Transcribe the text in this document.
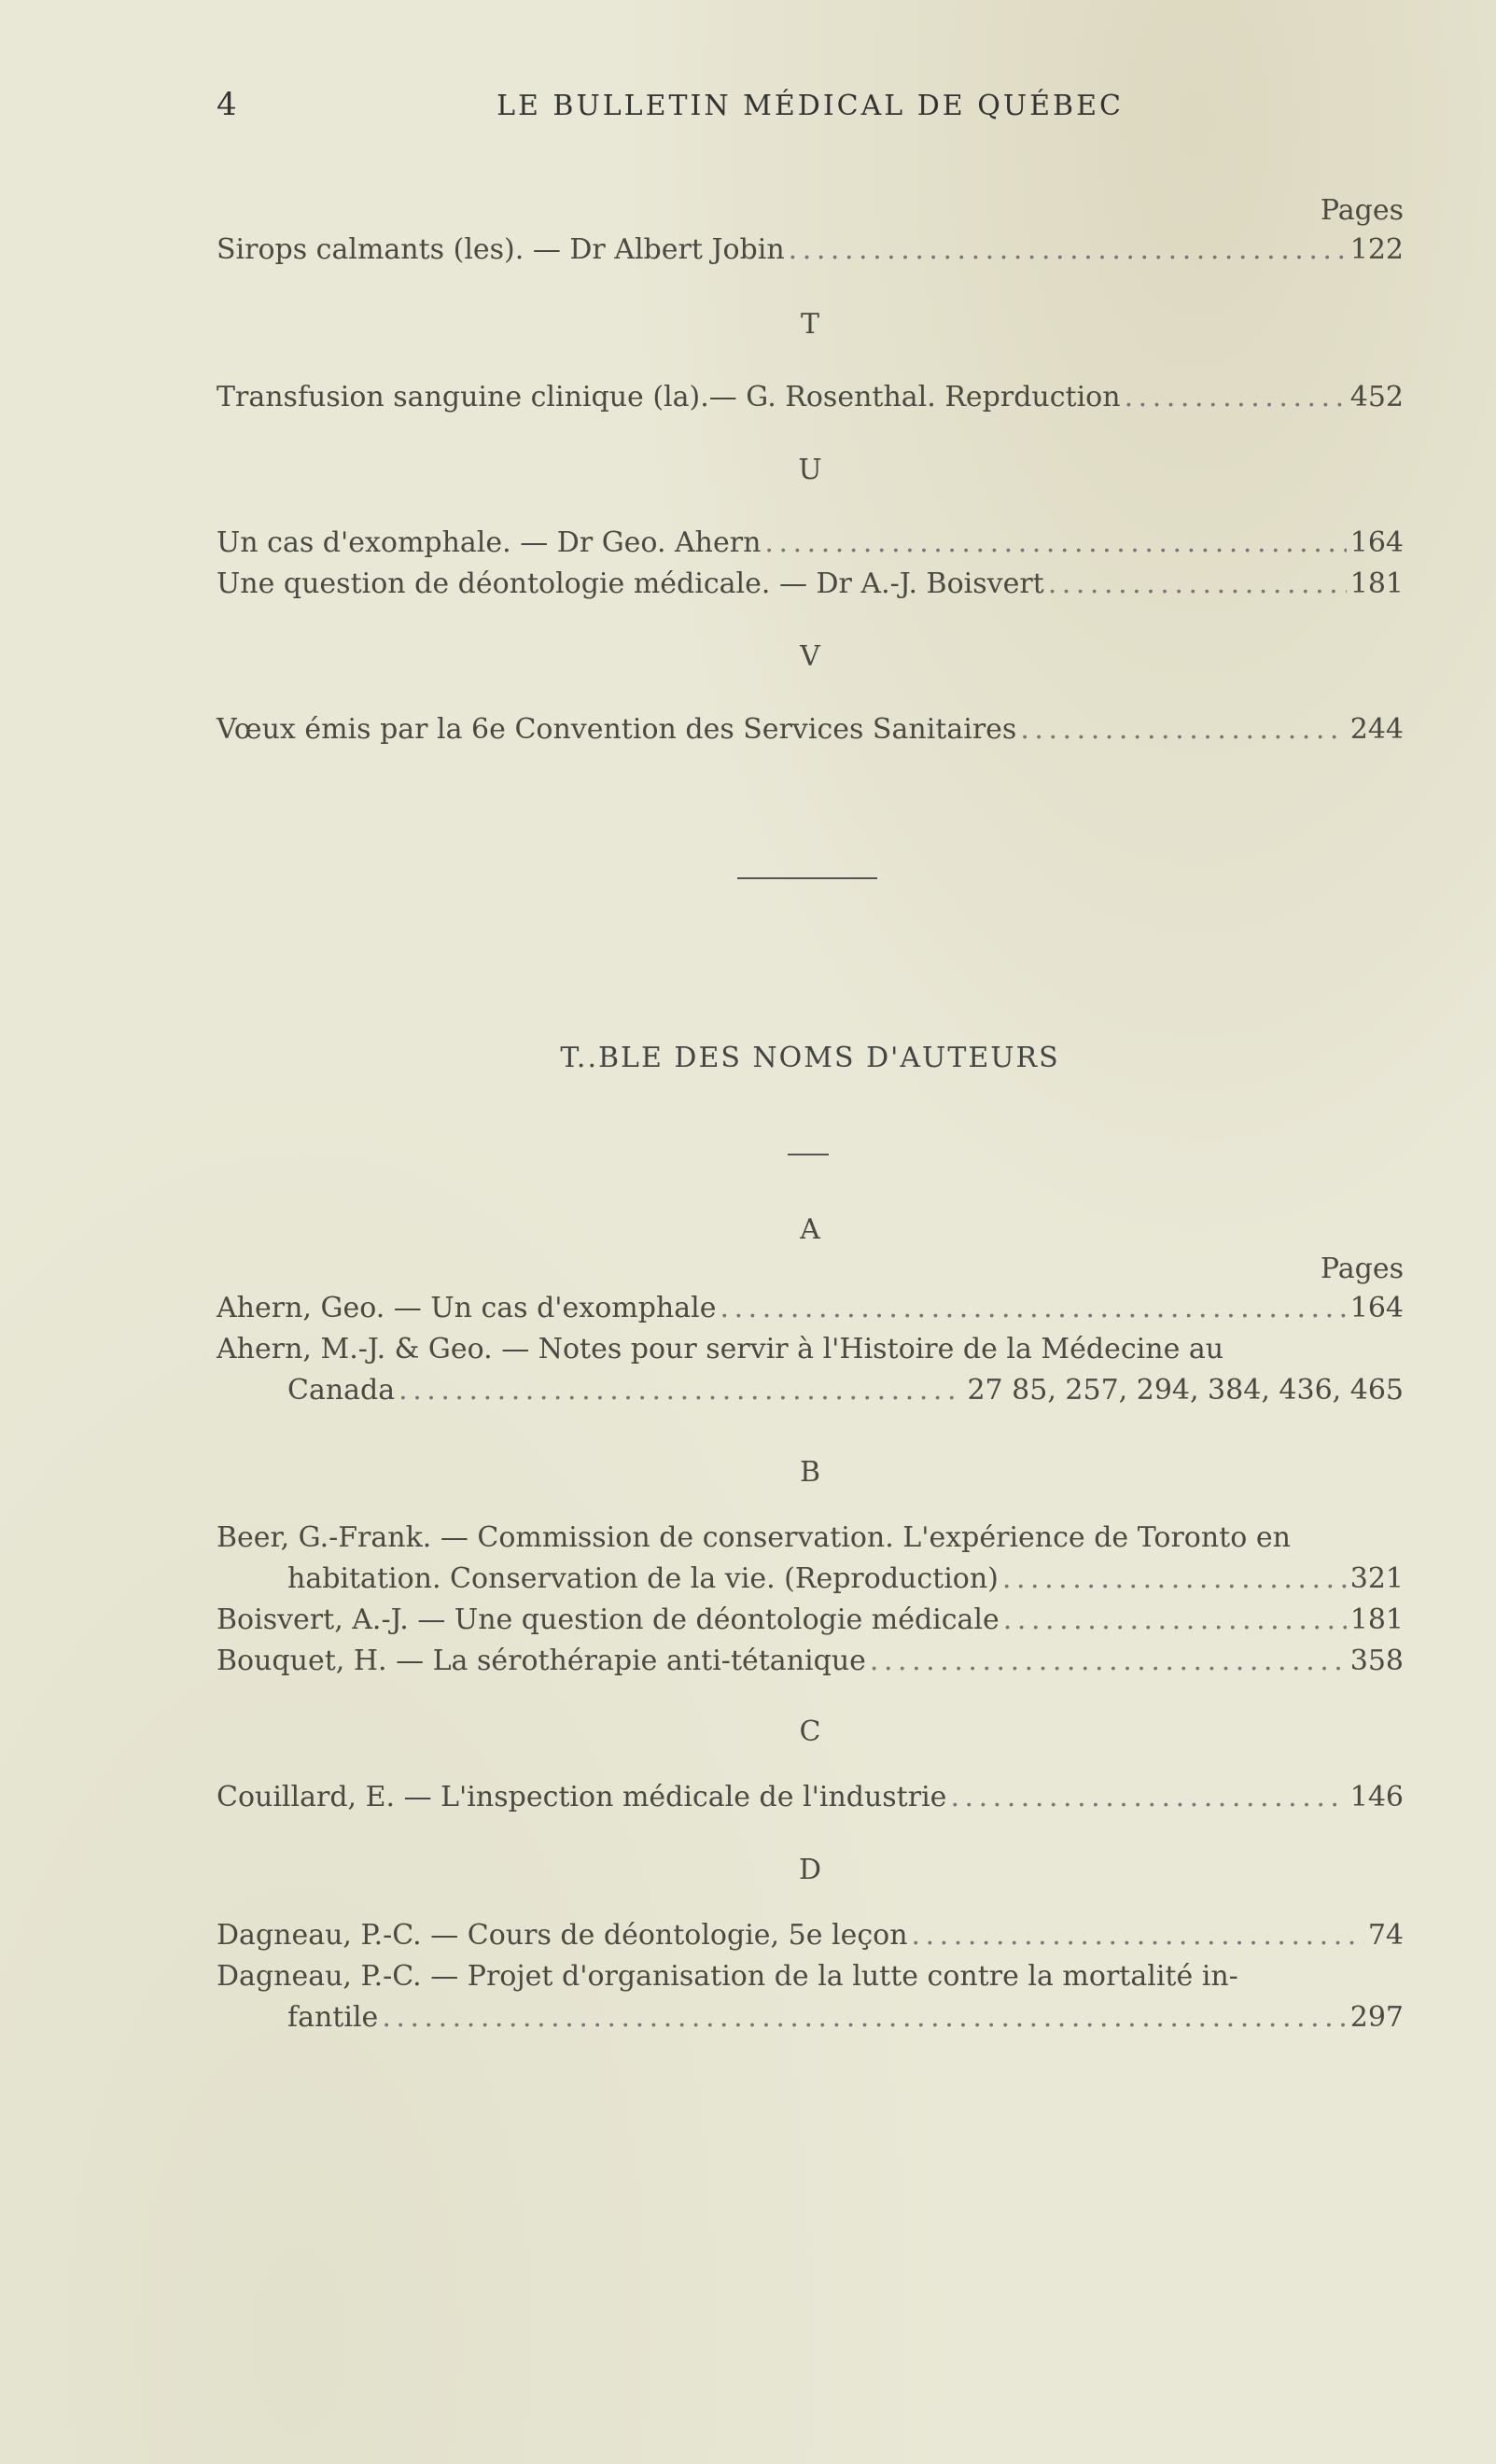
4	LE BULLETIN MÉDICAL DE QUÉBEC
Pages
Sirops calmants (les). — Dr Albert Jobin . . .	122
T
Transfusion sanguine clinique (la).— G. Rosenthal. Reprduction . . .	452
U
Un cas d'exomphale. — Dr Geo. Ahern . . .	164
Une question de déontologie médicale. — Dr A.-J. Boisvert . . .	181
V
Vœux émis par la 6e Convention des Services Sanitaires . . .	244
T..BLE DES NOMS D'AUTEURS
A
Pages
Ahern, Geo. — Un cas d'exomphale . . .	164
Ahern, M.-J. & Geo. — Notes pour servir à l'Histoire de la Médecine au
Canada . . .	27 85, 257, 294, 384, 436, 465
B
Beer, G.-Frank. — Commission de conservation. L'expérience de Toronto en
habitation. Conservation de la vie. (Reproduction) . . .	321
Boisvert, A.-J. — Une question de déontologie médicale . . .	181
Bouquet, H. — La sérothérapie anti-tétanique . . .	358
C
Couillard, E. — L'inspection médicale de l'industrie . . .	146
D
Dagneau, P.-C. — Cours de déontologie, 5e leçon . . .	74
Dagneau, P.-C. — Projet d'organisation de la lutte contre la mortalité in-
fantile . . .	297
